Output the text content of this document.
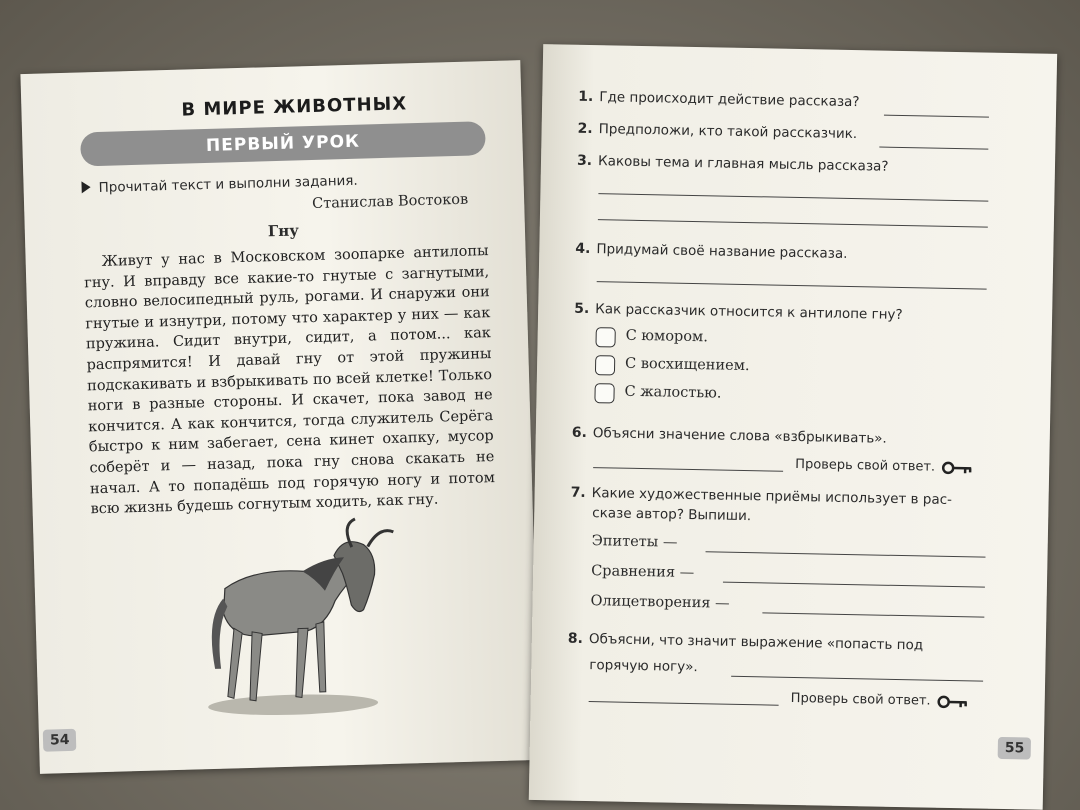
В МИРЕ ЖИВОТНЫХ
ПЕРВЫЙ УРОК
Прочитай текст и выполни задания.
Станислав Востоков
Гну

Живут у нас в Московском зоопарке антилопы гну. И вправду все какие-то гнутые с загнутыми, словно велосипедный руль, рогами. И снаружи они гнутые и изнутри, потому что характер у них — как пружина. Сидит внутри, сидит, а потом... как распрямится! И давай гну от этой пружины подскакивать и взбрыкивать по всей клетке! Только ноги в разные стороны. И скачет, пока завод не кончится. А как кончится, тогда служитель Серёга быстро к ним забегает, сена кинет охапку, мусор соберёт и — назад, пока гну снова скакать не начал. А то попадёшь под горячую ногу и потом всю жизнь будешь согнутым ходить, как гну.

54
1. Где происходит действие рассказа?
2. Предположи, кто такой рассказчик.
3. Каковы тема и главная мысль рассказа?
4. Придумай своё название рассказа.
5. Как рассказчик относится к антилопе гну?
С юмором.
С восхищением.
С жалостью.
6. Объясни значение слова «взбрыкивать».
Проверь свой ответ.
7. Какие художественные приёмы использует в рас-
сказе автор? Выпиши.
Эпитеты —
Сравнения —
Олицетворения —
8. Объясни, что значит выражение «попасть под
горячую ногу».
Проверь свой ответ.
55
